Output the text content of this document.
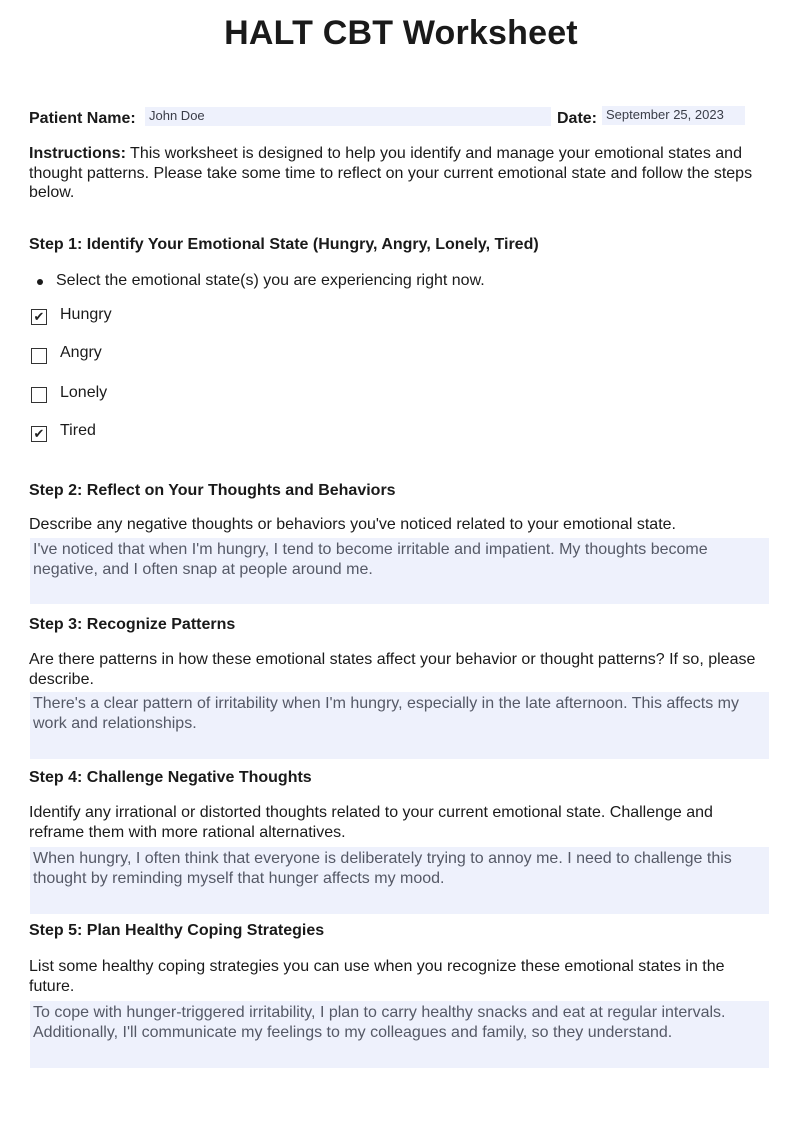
HALT CBT Worksheet
Patient Name:	John Doe	Date: September 25, 2023
Instructions: This worksheet is designed to help you identify and manage your emotional states and thought patterns. Please take some time to reflect on your current emotional state and follow the steps below.
Step 1: Identify Your Emotional State (Hungry, Angry, Lonely, Tired)
Select the emotional state(s) you are experiencing right now.
✔ Hungry
Angry
Lonely
✔ Tired
Step 2: Reflect on Your Thoughts and Behaviors
Describe any negative thoughts or behaviors you've noticed related to your emotional state.
I've noticed that when I'm hungry, I tend to become irritable and impatient. My thoughts become negative, and I often snap at people around me.
Step 3: Recognize Patterns
Are there patterns in how these emotional states affect your behavior or thought patterns? If so, please describe.
There's a clear pattern of irritability when I'm hungry, especially in the late afternoon. This affects my work and relationships.
Step 4: Challenge Negative Thoughts
Identify any irrational or distorted thoughts related to your current emotional state. Challenge and reframe them with more rational alternatives.
When hungry, I often think that everyone is deliberately trying to annoy me. I need to challenge this thought by reminding myself that hunger affects my mood.
Step 5: Plan Healthy Coping Strategies
List some healthy coping strategies you can use when you recognize these emotional states in the future.
To cope with hunger-triggered irritability, I plan to carry healthy snacks and eat at regular intervals. Additionally, I'll communicate my feelings to my colleagues and family, so they understand.
